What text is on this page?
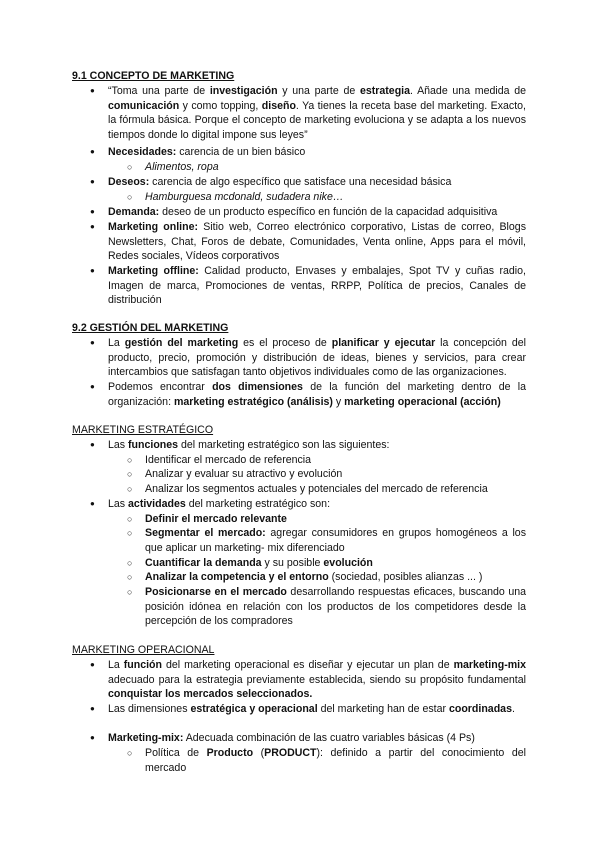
9.1 CONCEPTO DE MARKETING
● “Toma una parte de investigación y una parte de estrategia. Añade una medida de comunicación y como topping, diseño. Ya tienes la receta base del marketing. Exacto, la fórmula básica. Porque el concepto de marketing evoluciona y se adapta a los nuevos tiempos donde lo digital impone sus leyes”
● Necesidades: carencia de un bien básico
○ Alimentos, ropa
● Deseos: carencia de algo específico que satisface una necesidad básica
○ Hamburguesa mcdonald, sudadera nike…
● Demanda: deseo de un producto específico en función de la capacidad adquisitiva
● Marketing online: Sitio web, Correo electrónico corporativo, Listas de correo, Blogs Newsletters, Chat, Foros de debate, Comunidades, Venta online, Apps para el móvil, Redes sociales, Vídeos corporativos
● Marketing offline: Calidad producto, Envases y embalajes, Spot TV y cuñas radio, Imagen de marca, Promociones de ventas, RRPP, Política de precios, Canales de distribución
9.2 GESTIÓN DEL MARKETING
● La gestión del marketing es el proceso de planificar y ejecutar la concepción del producto, precio, promoción y distribución de ideas, bienes y servicios, para crear intercambios que satisfagan tanto objetivos individuales como de las organizaciones.
● Podemos encontrar dos dimensiones de la función del marketing dentro de la organización: marketing estratégico (análisis) y marketing operacional (acción)
MARKETING ESTRATÉGICO
● Las funciones del marketing estratégico son las siguientes:
○ Identificar el mercado de referencia
○ Analizar y evaluar su atractivo y evolución
○ Analizar los segmentos actuales y potenciales del mercado de referencia
● Las actividades del marketing estratégico son:
○ Definir el mercado relevante
○ Segmentar el mercado: agregar consumidores en grupos homogéneos a los que aplicar un marketing- mix diferenciado
○ Cuantificar la demanda y su posible evolución
○ Analizar la competencia y el entorno (sociedad, posibles alianzas ... )
○ Posicionarse en el mercado desarrollando respuestas eficaces, buscando una posición idónea en relación con los productos de los competidores desde la percepción de los compradores
MARKETING OPERACIONAL
● La función del marketing operacional es diseñar y ejecutar un plan de marketing-mix adecuado para la estrategia previamente establecida, siendo su propósito fundamental conquistar los mercados seleccionados.
● Las dimensiones estratégica y operacional del marketing han de estar coordinadas.
● Marketing-mix: Adecuada combinación de las cuatro variables básicas (4 Ps)
○ Política de Producto (PRODUCT): definido a partir del conocimiento del mercado
